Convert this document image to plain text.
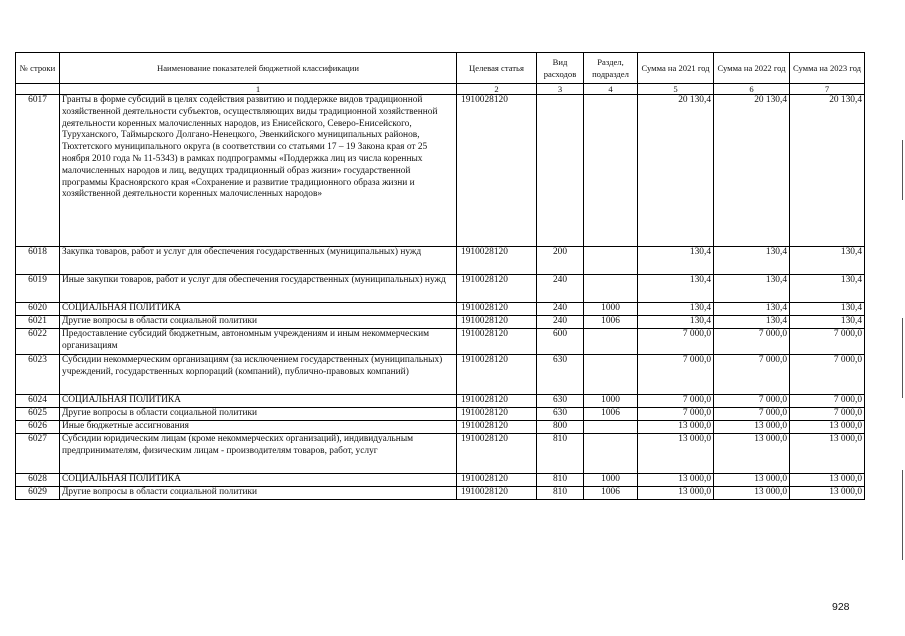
№ строки	Наименование показателей бюджетной классификации	Целевая статья	Вид расходов	Раздел, подраздел	Сумма на 2021 год	Сумма на 2022 год	Сумма на 2023 год
	1	2	3	4	5	6	7
6017	Гранты в форме субсидий в целях содействия развитию и поддержке видов традиционной хозяйственной деятельности субъектов, осуществляющих виды традиционной хозяйственной деятельности коренных малочисленных народов, из Енисейского, Северо-Енисейского, Туруханского, Таймырского Долгано-Ненецкого, Эвенкийского муниципальных районов, Тюхтетского муниципального округа (в соответствии со статьями 17 – 19 Закона края от 25 ноября 2010 года № 11-5343) в рамках подпрограммы «Поддержка лиц из числа коренных малочисленных народов и лиц, ведущих традиционный образ жизни» государственной программы Красноярского края «Сохранение и развитие традиционного образа жизни и хозяйственной деятельности коренных малочисленных народов»	1910028120			20 130,4	20 130,4	20 130,4
6018	Закупка товаров, работ и услуг для обеспечения государственных (муниципальных) нужд	1910028120	200		130,4	130,4	130,4
6019	Иные закупки товаров, работ и услуг для обеспечения государственных (муниципальных) нужд	1910028120	240		130,4	130,4	130,4
6020	СОЦИАЛЬНАЯ ПОЛИТИКА	1910028120	240	1000	130,4	130,4	130,4
6021	Другие вопросы в области социальной политики	1910028120	240	1006	130,4	130,4	130,4
6022	Предоставление субсидий бюджетным, автономным учреждениям и иным некоммерческим организациям	1910028120	600		7 000,0	7 000,0	7 000,0
6023	Субсидии некоммерческим организациям (за исключением государственных (муниципальных) учреждений, государственных корпораций (компаний), публично-правовых компаний)	1910028120	630		7 000,0	7 000,0	7 000,0
6024	СОЦИАЛЬНАЯ ПОЛИТИКА	1910028120	630	1000	7 000,0	7 000,0	7 000,0
6025	Другие вопросы в области социальной политики	1910028120	630	1006	7 000,0	7 000,0	7 000,0
6026	Иные бюджетные ассигнования	1910028120	800		13 000,0	13 000,0	13 000,0
6027	Субсидии юридическим лицам (кроме некоммерческих организаций), индивидуальным предпринимателям, физическим лицам - производителям товаров, работ, услуг	1910028120	810		13 000,0	13 000,0	13 000,0
6028	СОЦИАЛЬНАЯ ПОЛИТИКА	1910028120	810	1000	13 000,0	13 000,0	13 000,0
6029	Другие вопросы в области социальной политики	1910028120	810	1006	13 000,0	13 000,0	13 000,0
928
